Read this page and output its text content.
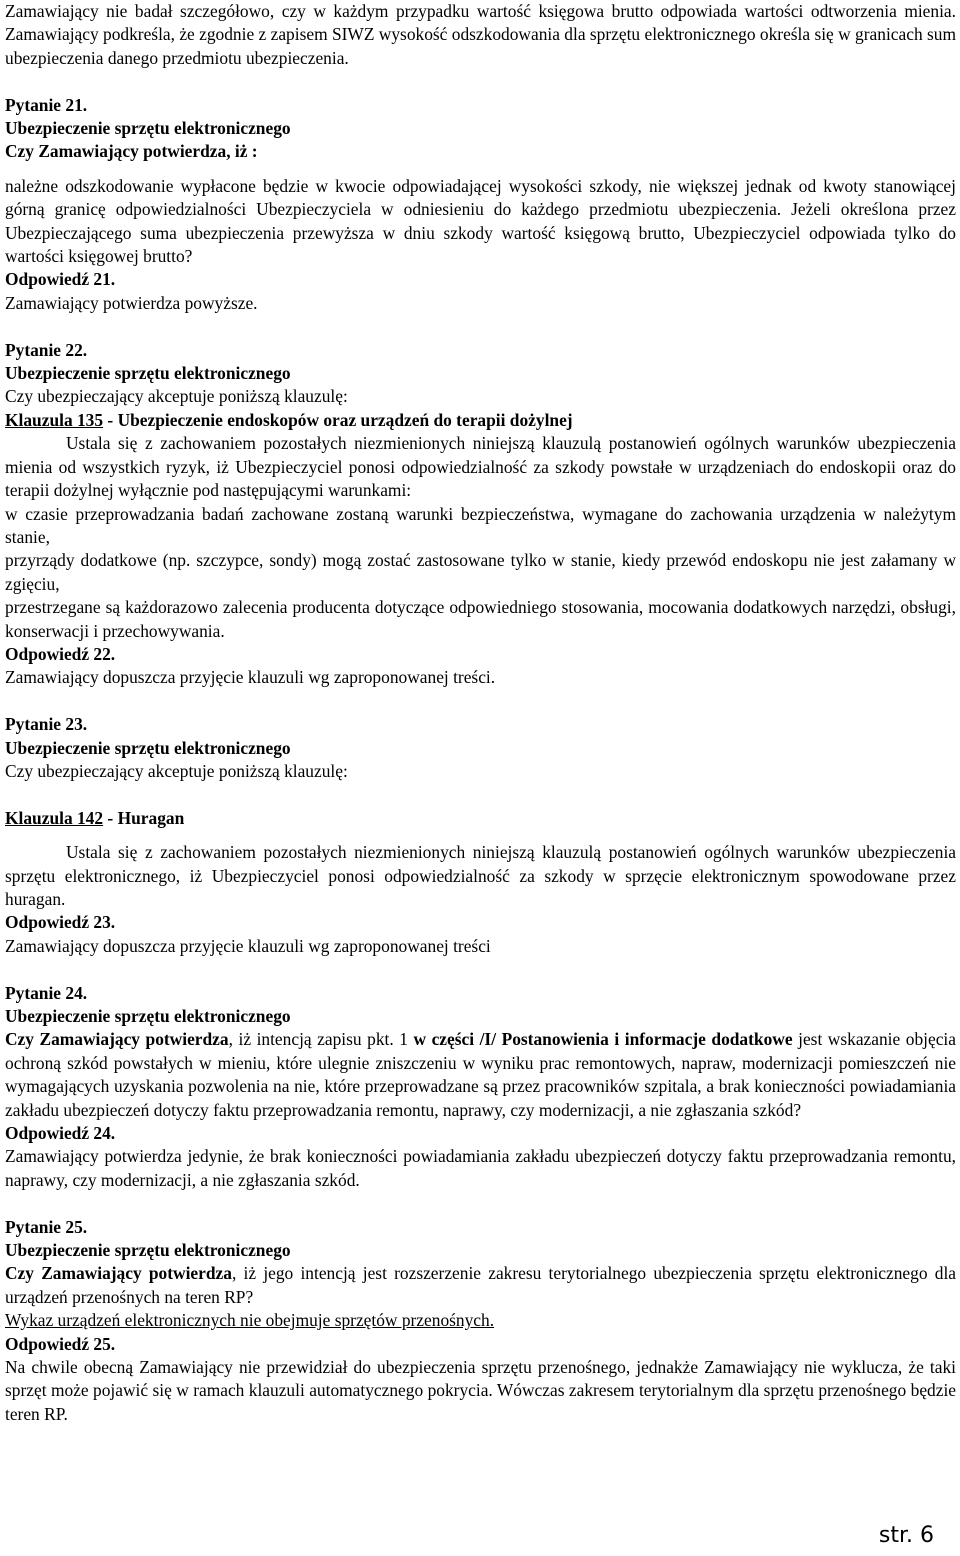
Zamawiający nie badał szczegółowo, czy w każdym przypadku wartość księgowa brutto odpowiada wartości odtworzenia mienia. Zamawiający podkreśla, że zgodnie z zapisem SIWZ wysokość odszkodowania dla sprzętu elektronicznego określa się w granicach sum ubezpieczenia danego przedmiotu ubezpieczenia.

Pytanie 21.

Ubezpieczenie sprzętu elektronicznego

Czy Zamawiający potwierdza, iż :

należne odszkodowanie wypłacone będzie w kwocie odpowiadającej wysokości szkody, nie większej jednak od kwoty stanowiącej górną granicę odpowiedzialności Ubezpieczyciela w odniesieniu do każdego przedmiotu ubezpieczenia. Jeżeli określona przez Ubezpieczającego suma ubezpieczenia przewyższa w dniu szkody wartość księgową brutto, Ubezpieczyciel odpowiada tylko do wartości księgowej brutto?

Odpowiedź 21.

Zamawiający potwierdza powyższe.

Pytanie 22.

Ubezpieczenie sprzętu elektronicznego

Czy ubezpieczający akceptuje poniższą klauzulę:

Klauzula 135 - Ubezpieczenie endoskopów oraz urządzeń do terapii dożylnej

Ustala się z zachowaniem pozostałych niezmienionych niniejszą klauzulą postanowień ogólnych warunków ubezpieczenia mienia od wszystkich ryzyk, iż Ubezpieczyciel ponosi odpowiedzialność za szkody powstałe w urządzeniach do endoskopii oraz do terapii dożylnej wyłącznie pod następującymi warunkami:

w czasie przeprowadzania badań zachowane zostaną warunki bezpieczeństwa, wymagane do zachowania urządzenia w należytym stanie,

przyrządy dodatkowe (np. szczypce, sondy) mogą zostać zastosowane tylko w stanie, kiedy przewód endoskopu nie jest załamany w zgięciu,

przestrzegane są każdorazowo zalecenia producenta dotyczące odpowiedniego stosowania, mocowania dodatkowych narzędzi, obsługi, konserwacji i przechowywania.

Odpowiedź 22.

Zamawiający dopuszcza przyjęcie klauzuli wg zaproponowanej treści.

Pytanie 23.

Ubezpieczenie sprzętu elektronicznego

Czy ubezpieczający akceptuje poniższą klauzulę:

Klauzula 142 - Huragan

Ustala się z zachowaniem pozostałych niezmienionych niniejszą klauzulą postanowień ogólnych warunków ubezpieczenia sprzętu elektronicznego, iż Ubezpieczyciel ponosi odpowiedzialność za szkody w sprzęcie elektronicznym spowodowane przez huragan.

Odpowiedź 23.

Zamawiający dopuszcza przyjęcie klauzuli wg zaproponowanej treści

Pytanie 24.

Ubezpieczenie sprzętu elektronicznego

Czy Zamawiający potwierdza, iż intencją zapisu pkt. 1 w części /I/ Postanowienia i informacje dodatkowe jest wskazanie objęcia ochroną szkód powstałych w mieniu, które ulegnie zniszczeniu w wyniku prac remontowych, napraw, modernizacji pomieszczeń nie wymagających uzyskania pozwolenia na nie, które przeprowadzane są przez pracowników szpitala, a brak konieczności powiadamiania zakładu ubezpieczeń dotyczy faktu przeprowadzania remontu, naprawy, czy modernizacji, a nie zgłaszania szkód?

Odpowiedź 24.

Zamawiający potwierdza jedynie, że brak konieczności powiadamiania zakładu ubezpieczeń dotyczy faktu przeprowadzania remontu, naprawy, czy modernizacji, a nie zgłaszania szkód.

Pytanie 25.

Ubezpieczenie sprzętu elektronicznego

Czy Zamawiający potwierdza, iż jego intencją jest rozszerzenie zakresu terytorialnego ubezpieczenia sprzętu elektronicznego dla urządzeń przenośnych na teren RP?

Wykaz urządzeń elektronicznych nie obejmuje sprzętów przenośnych.

Odpowiedź 25.

Na chwile obecną Zamawiający nie przewidział do ubezpieczenia sprzętu przenośnego, jednakże Zamawiający nie wyklucza, że taki sprzęt może pojawić się w ramach klauzuli automatycznego pokrycia. Wówczas zakresem terytorialnym dla sprzętu przenośnego będzie teren RP.

str. 6
